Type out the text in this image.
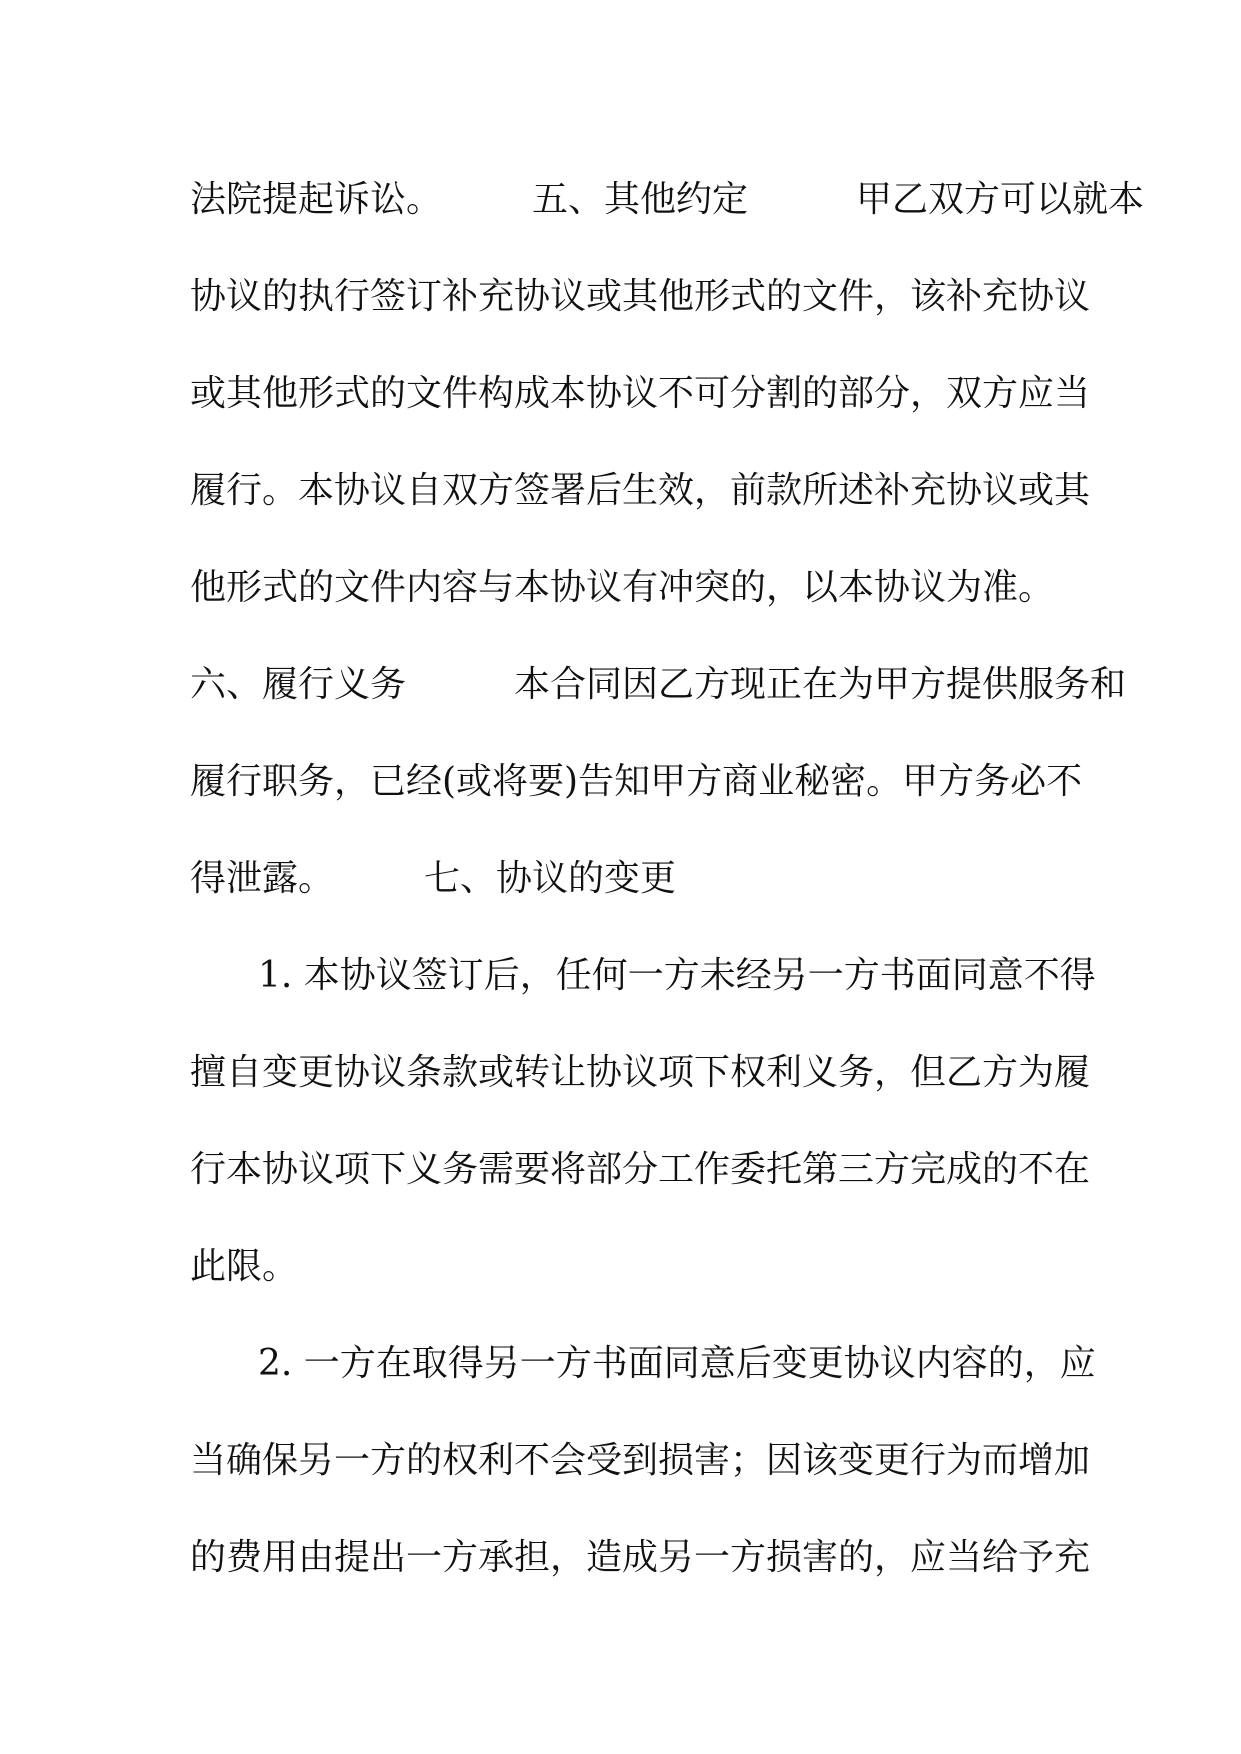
法院提起诉讼。　　　五、其他约定　　　甲乙双方可以就本
协议的执行签订补充协议或其他形式的文件，该补充协议
或其他形式的文件构成本协议不可分割的部分，双方应当
履行。本协议自双方签署后生效，前款所述补充协议或其
他形式的文件内容与本协议有冲突的，以本协议为准。
六、履行义务　　　本合同因乙方现正在为甲方提供服务和
履行职务，已经(或将要)告知甲方商业秘密。甲方务必不
得泄露。　　　七、协议的变更
1. 本协议签订后，任何一方未经另一方书面同意不得
擅自变更协议条款或转让协议项下权利义务，但乙方为履
行本协议项下义务需要将部分工作委托第三方完成的不在
此限。
2. 一方在取得另一方书面同意后变更协议内容的，应
当确保另一方的权利不会受到损害；因该变更行为而增加
的费用由提出一方承担，造成另一方损害的，应当给予充
